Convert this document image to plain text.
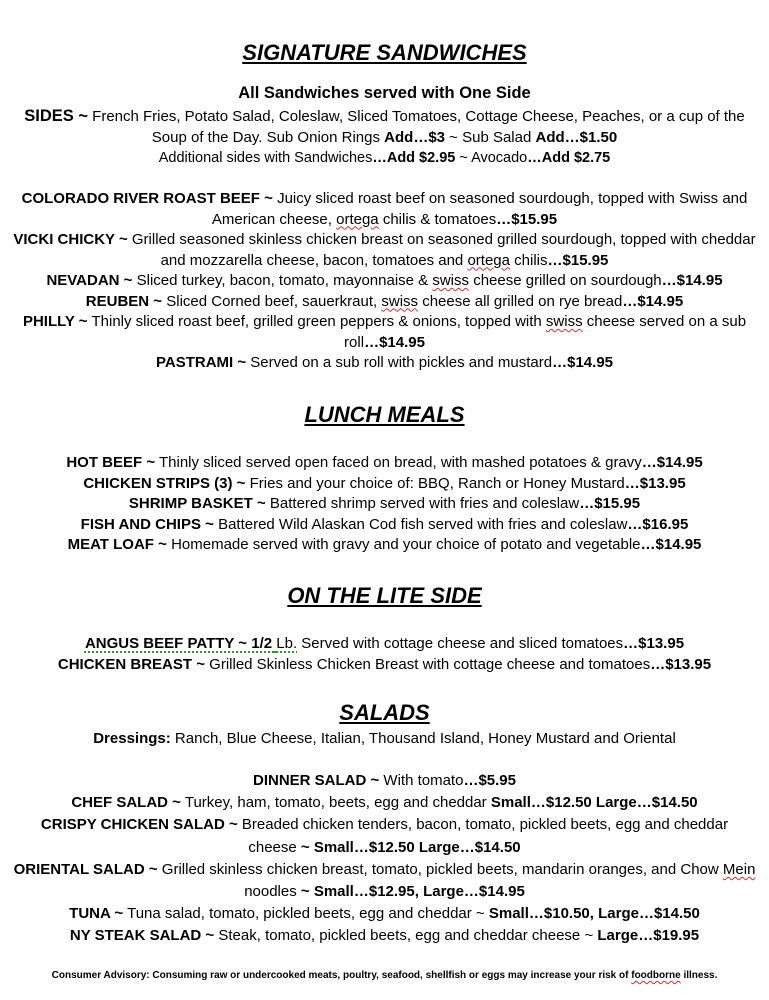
SIGNATURE SANDWICHES
All Sandwiches served with One Side
SIDES ~ French Fries, Potato Salad, Coleslaw, Sliced Tomatoes, Cottage Cheese, Peaches, or a cup of the Soup of the Day. Sub Onion Rings Add…$3 ~ Sub Salad Add…$1.50
Additional sides with Sandwiches…Add $2.95 ~ Avocado…Add $2.75
COLORADO RIVER ROAST BEEF ~ Juicy sliced roast beef on seasoned sourdough, topped with Swiss and American cheese, ortega chilis & tomatoes…$15.95
VICKI CHICKY ~ Grilled seasoned skinless chicken breast on seasoned grilled sourdough, topped with cheddar and mozzarella cheese, bacon, tomatoes and ortega chilis…$15.95
NEVADAN ~ Sliced turkey, bacon, tomato, mayonnaise & swiss cheese grilled on sourdough…$14.95
REUBEN ~ Sliced Corned beef, sauerkraut, swiss cheese all grilled on rye bread…$14.95
PHILLY ~ Thinly sliced roast beef, grilled green peppers & onions, topped with swiss cheese served on a sub roll…$14.95
PASTRAMI ~ Served on a sub roll with pickles and mustard…$14.95
LUNCH MEALS
HOT BEEF ~ Thinly sliced served open faced on bread, with mashed potatoes & gravy…$14.95
CHICKEN STRIPS (3) ~ Fries and your choice of: BBQ, Ranch or Honey Mustard…$13.95
SHRIMP BASKET ~ Battered shrimp served with fries and coleslaw…$15.95
FISH AND CHIPS ~ Battered Wild Alaskan Cod fish served with fries and coleslaw…$16.95
MEAT LOAF ~ Homemade served with gravy and your choice of potato and vegetable…$14.95
ON THE LITE SIDE
ANGUS BEEF PATTY ~ 1/2 Lb. Served with cottage cheese and sliced tomatoes…$13.95
CHICKEN BREAST ~ Grilled Skinless Chicken Breast with cottage cheese and tomatoes…$13.95
SALADS
Dressings: Ranch, Blue Cheese, Italian, Thousand Island, Honey Mustard and Oriental
DINNER SALAD ~ With tomato…$5.95
CHEF SALAD ~ Turkey, ham, tomato, beets, egg and cheddar Small…$12.50 Large…$14.50
CRISPY CHICKEN SALAD ~ Breaded chicken tenders, bacon, tomato, pickled beets, egg and cheddar cheese ~ Small…$12.50 Large…$14.50
ORIENTAL SALAD ~ Grilled skinless chicken breast, tomato, pickled beets, mandarin oranges, and Chow Mein noodles ~ Small…$12.95, Large…$14.95
TUNA ~ Tuna salad, tomato, pickled beets, egg and cheddar ~ Small…$10.50, Large…$14.50
NY STEAK SALAD ~ Steak, tomato, pickled beets, egg and cheddar cheese ~ Large…$19.95
Consumer Advisory: Consuming raw or undercooked meats, poultry, seafood, shellfish or eggs may increase your risk of foodborne illness.
